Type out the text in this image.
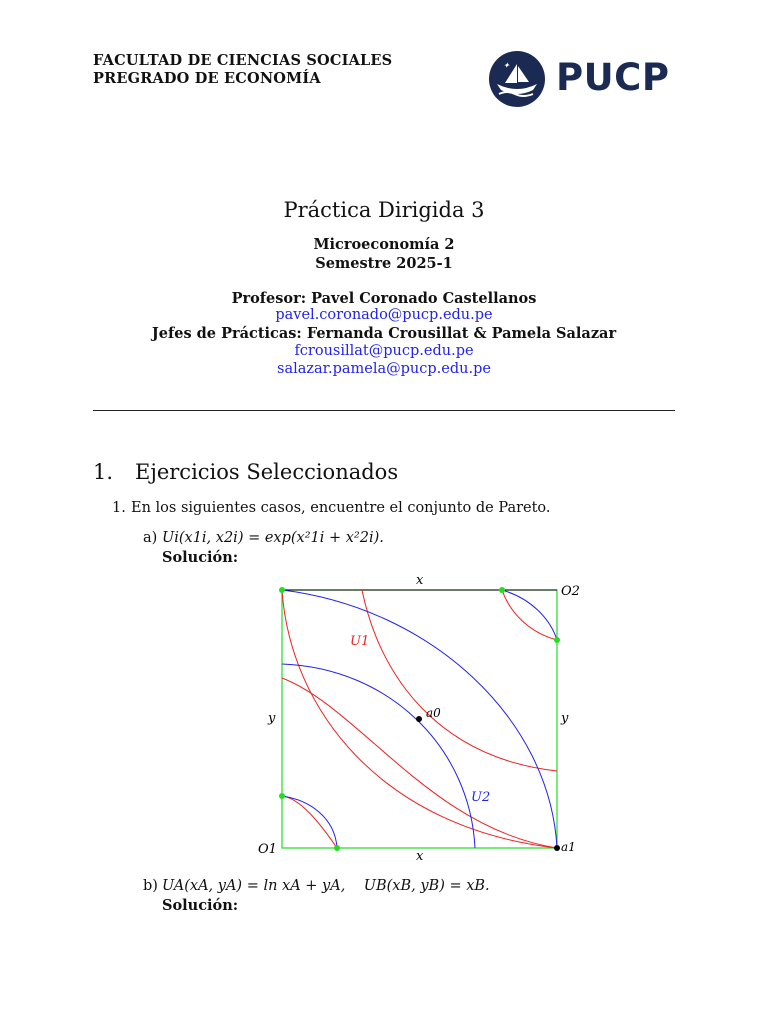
FACULTAD DE CIENCIAS SOCIALES
PREGRADO DE ECONOMÍA
✦ PUCP
Práctica Dirigida 3
Microeconomía 2
Semestre 2025-1
Profesor: Pavel Coronado Castellanos
pavel.coronado@pucp.edu.pe
Jefes de Prácticas: Fernanda Crousillat & Pamela Salazar
fcrousillat@pucp.edu.pe
salazar.pamela@pucp.edu.pe
1. Ejercicios Seleccionados
1. En los siguientes casos, encuentre el conjunto de Pareto.
a) Ui(x1i, x2i) = exp(x²1i + x²2i).
Solución:
x
x
y	y
O2
O1
a0
a1
U1
U2
b) UA(xA, yA) = ln xA + yA,    UB(xB, yB) = xB.
Solución:
